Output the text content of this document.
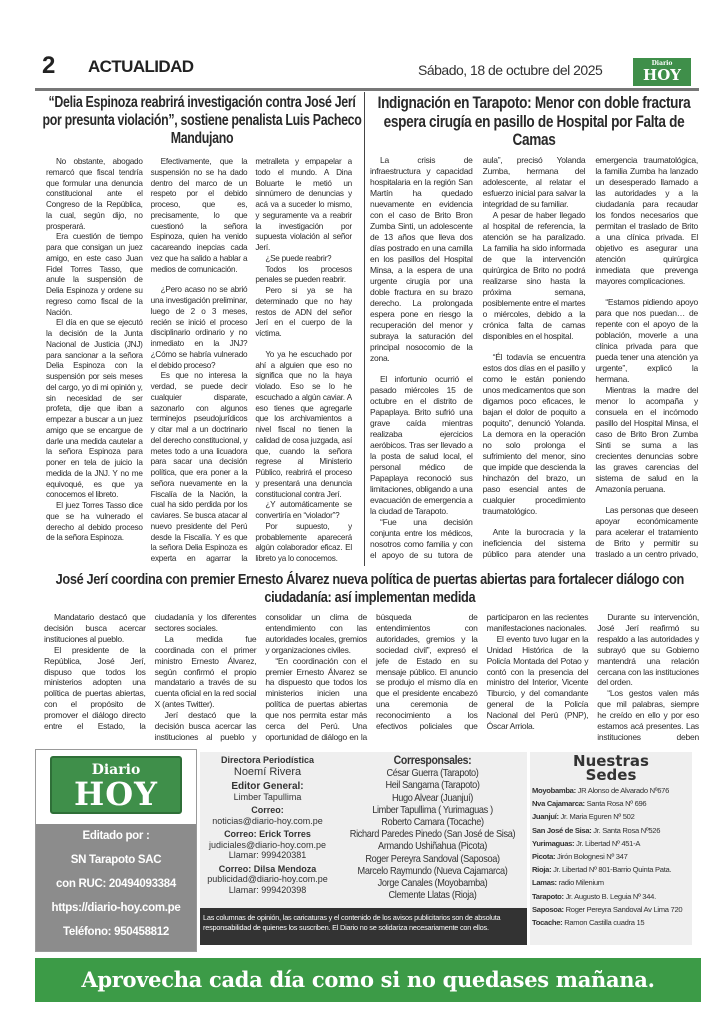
2 ACTUALIDAD	Sábado, 18 de octubre del 2025	Diario
HOY
“Delia Espinoza reabrirá investigación contra José Jerí por presunta violación”, sostiene penalista Luis Pacheco Mandujano
Indignación en Tarapoto: Menor con doble fractura espera cirugía en pasillo de Hospital por Falta de Camas

No obstante, abogado remarcó que fiscal tendría que formular una denuncia constitucional ante el Congreso de la República, la cual, según dijo, no prosperará.

Era cuestión de tiempo para que consigan un juez amigo, en este caso Juan Fidel Torres Tasso, que anule la suspensión de Delia Espinoza y ordene su regreso como fiscal de la Nación.

El día en que se ejecutó la decisión de la Junta Nacional de Justicia (JNJ) para sancionar a la señora Delia Espinoza con la suspensión por seis meses del cargo, yo di mi opinión y, sin necesidad de ser profeta, dije que iban a empezar a buscar a un juez amigo que se encargue de darle una medida cautelar a la señora Espinoza para poner en tela de juicio la medida de la JNJ. Y no me equivoqué, es que ya conocemos el libreto.

El juez Torres Tasso dice que se ha vulnerado el derecho al debido proceso de la señora Espinoza.

Efectivamente, que la suspensión no se ha dado dentro del marco de un respeto por el debido proceso, que es, precisamente, lo que cuestionó la señora Espinoza, quien ha venido cacareando inepcias cada vez que ha salido a hablar a medios de comunicación.

¿Pero acaso no se abrió una investigación preliminar, luego de 2 o 3 meses, recién se inició el proceso disciplinario ordinario y no inmediato en la JNJ? ¿Cómo se habría vulnerado el debido proceso?

Es que no interesa la verdad, se puede decir cualquier disparate, sazonarlo con algunos terminejos pseudojurídicos y citar mal a un doctrinario del derecho constitucional, y metes todo a una licuadora para sacar una decisión política, que era poner a la señora nuevamente en la Fiscalía de la Nación, la cual ha sido perdida por los caviares. Se busca atacar al nuevo presidente del Perú desde la Fiscalía. Y es que la señora Delia Espinoza es experta en agarrar la metralleta y empapelar a todo el mundo. A Dina Boluarte le metió un sinnúmero de denuncias y acá va a suceder lo mismo, y seguramente va a reabrir la investigación por supuesta violación al señor Jerí.

¿Se puede reabrir?

Todos los procesos penales se pueden reabrir.

Pero si ya se ha determinado que no hay restos de ADN del señor Jerí en el cuerpo de la víctima.

Yo ya he escuchado por ahí a alguien que eso no significa que no la haya violado. Eso se lo he escuchado a algún caviar. A eso tienes que agregarle que los archivamientos a nivel fiscal no tienen la calidad de cosa juzgada, así que, cuando la señora regrese al Ministerio Público, reabrirá el proceso y presentará una denuncia constitucional contra Jerí.

¿Y automáticamente se convertiría en “violador”?

Por supuesto, y probablemente aparecerá algún colaborador eficaz. El libreto ya lo conocemos.

La crisis de infraestructura y capacidad hospitalaria en la región San Martín ha quedado nuevamente en evidencia con el caso de Brito Bron Zumba Sinti, un adolescente de 13 años que lleva dos días postrado en una camilla en los pasillos del Hospital Minsa, a la espera de una urgente cirugía por una doble fractura en su brazo derecho. La prolongada espera pone en riesgo la recuperación del menor y subraya la saturación del principal nosocomio de la zona.

El infortunio ocurrió el pasado miércoles 15 de octubre en el distrito de Papaplaya. Brito sufrió una grave caída mientras realizaba ejercicios aeróbicos. Tras ser llevado a la posta de salud local, el personal médico de Papaplaya reconoció sus limitaciones, obligando a una evacuación de emergencia a la ciudad de Tarapoto.

“Fue una decisión conjunta entre los médicos, nosotros como familia y con el apoyo de su tutora de aula”, precisó Yolanda Zumba, hermana del adolescente, al relatar el esfuerzo inicial para salvar la integridad de su familiar.

A pesar de haber llegado al hospital de referencia, la atención se ha paralizado. La familia ha sido informada de que la intervención quirúrgica de Brito no podrá realizarse sino hasta la próxima semana, posiblemente entre el martes o miércoles, debido a la crónica falta de camas disponibles en el hospital.

“Él todavía se encuentra estos dos días en el pasillo y como le están poniendo unos medicamentos que son digamos poco eficaces, le bajan el dolor de poquito a poquito”, denunció Yolanda. La demora en la operación no solo prolonga el sufrimiento del menor, sino que impide que descienda la hinchazón del brazo, un paso esencial antes de cualquier procedimiento traumatológico.

Ante la burocracia y la ineficiencia del sistema público para atender una emergencia traumatológica, la familia Zumba ha lanzado un desesperado llamado a las autoridades y a la ciudadanía para recaudar los fondos necesarios que permitan el traslado de Brito a una clínica privada. El objetivo es asegurar una atención quirúrgica inmediata que prevenga mayores complicaciones.

“Estamos pidiendo apoyo para que nos puedan… de repente con el apoyo de la población, moverle a una clínica privada para que pueda tener una atención ya urgente”, explicó la hermana.

Mientras la madre del menor lo acompaña y consuela en el incómodo pasillo del Hospital Minsa, el caso de Brito Bron Zumba Sinti se suma a las crecientes denuncias sobre las graves carencias del sistema de salud en la Amazonía peruana.

Las personas que deseen apoyar económicamente para acelerar el tratamiento de Brito y permitir su traslado a un centro privado,

José Jerí coordina con premier Ernesto Álvarez nueva política de puertas abiertas para fortalecer diálogo con ciudadanía: así implementan medida

Mandatario destacó que decisión busca acercar instituciones al pueblo.

El presidente de la República, José Jerí, dispuso que todos los ministerios adopten una política de puertas abiertas, con el propósito de promover el diálogo directo entre el Estado, la ciudadanía y los diferentes sectores sociales.

La medida fue coordinada con el primer ministro Ernesto Álvarez, según confirmó el propio mandatario a través de su cuenta oficial en la red social X (antes Twitter).

Jerí destacó que la decisión busca acercar las instituciones al pueblo y consolidar un clima de entendimiento con las autoridades locales, gremios y organizaciones civiles.

“En coordinación con el premier Ernesto Álvarez se ha dispuesto que todos los ministerios inicien una política de puertas abiertas que nos permita estar más cerca del Perú. Una oportunidad de diálogo en la búsqueda de entendimientos con autoridades, gremios y la sociedad civil”, expresó el jefe de Estado en su mensaje público. El anuncio se produjo el mismo día en que el presidente encabezó una ceremonia de reconocimiento a los efectivos policiales que participaron en las recientes manifestaciones nacionales.

El evento tuvo lugar en la Unidad Histórica de la Policía Montada del Potao y contó con la presencia del ministro del Interior, Vicente Tiburcio, y del comandante general de la Policía Nacional del Perú (PNP), Óscar Arriola.

Durante su intervención, José Jerí reafirmó su respaldo a las autoridades y subrayó que su Gobierno mantendrá una relación cercana con las instituciones del orden.

“Los gestos valen más que mil palabras, siempre he creído en ello y por eso estamos acá presentes. Las instituciones deben

Diario
HOY
Editado por :
SN Tarapoto SAC
con RUC: 20494093384
https://diario-hoy.com.pe
Teléfono: 950458812
Directora Periodística
Noemí Rivera
Editor General:
Limber Tapullima
Correo:
noticias@diario-hoy.com.pe
Correo: Erick Torres
judiciales@diario-hoy.com.pe
Llamar: 999420381
Correo: Dilsa Mendoza
publicidad@diario-hoy.com.pe
Llamar: 999420398
Corresponsales:
César Guerra (Tarapoto)
Heil Sangama (Tarapoto)
Hugo Alvear (Juanjuí)
Limber Tapullima ( Yurimaguas )
Roberto Camara (Tocache)
Richard Paredes Pinedo (San José de Sisa)
Armando Ushiñahua (Picota)
Roger Pereyra Sandoval (Saposoa)
Marcelo Raymundo (Nueva Cajamarca)
Jorge Canales (Moyobamba)
Clemente Llatas (Rioja)
Las columnas de opinión, las caricaturas y el contenido de los avisos publicitarios son de absoluta responsabilidad de quienes los suscriben. El Diario no se solidariza necesariamente con ellos.
Nuestras
Sedes
Moyobamba: JR Alonso de Alvarado Nº676
Nva Cajamarca: Santa Rosa Nº 696
Juanjuí: Jr. Maria Eguren Nº 502
San José de Sisa: Jr. Santa Rosa Nº526
Yurimaguas: Jr. Libertad Nº 451-A
Picota: Jirón Bolognesi Nº 347
Rioja: Jr. Libertad Nº 801-Barrio Quinta Pata.
Lamas: radio Milenium
Tarapoto: Jr. Augusto B. Leguia Nº 344.
Saposoa: Roger Pereyra Sandoval Av Lima 720
Tocache: Ramon Castilla cuadra 15
Aprovecha cada día como si no quedases mañana.
